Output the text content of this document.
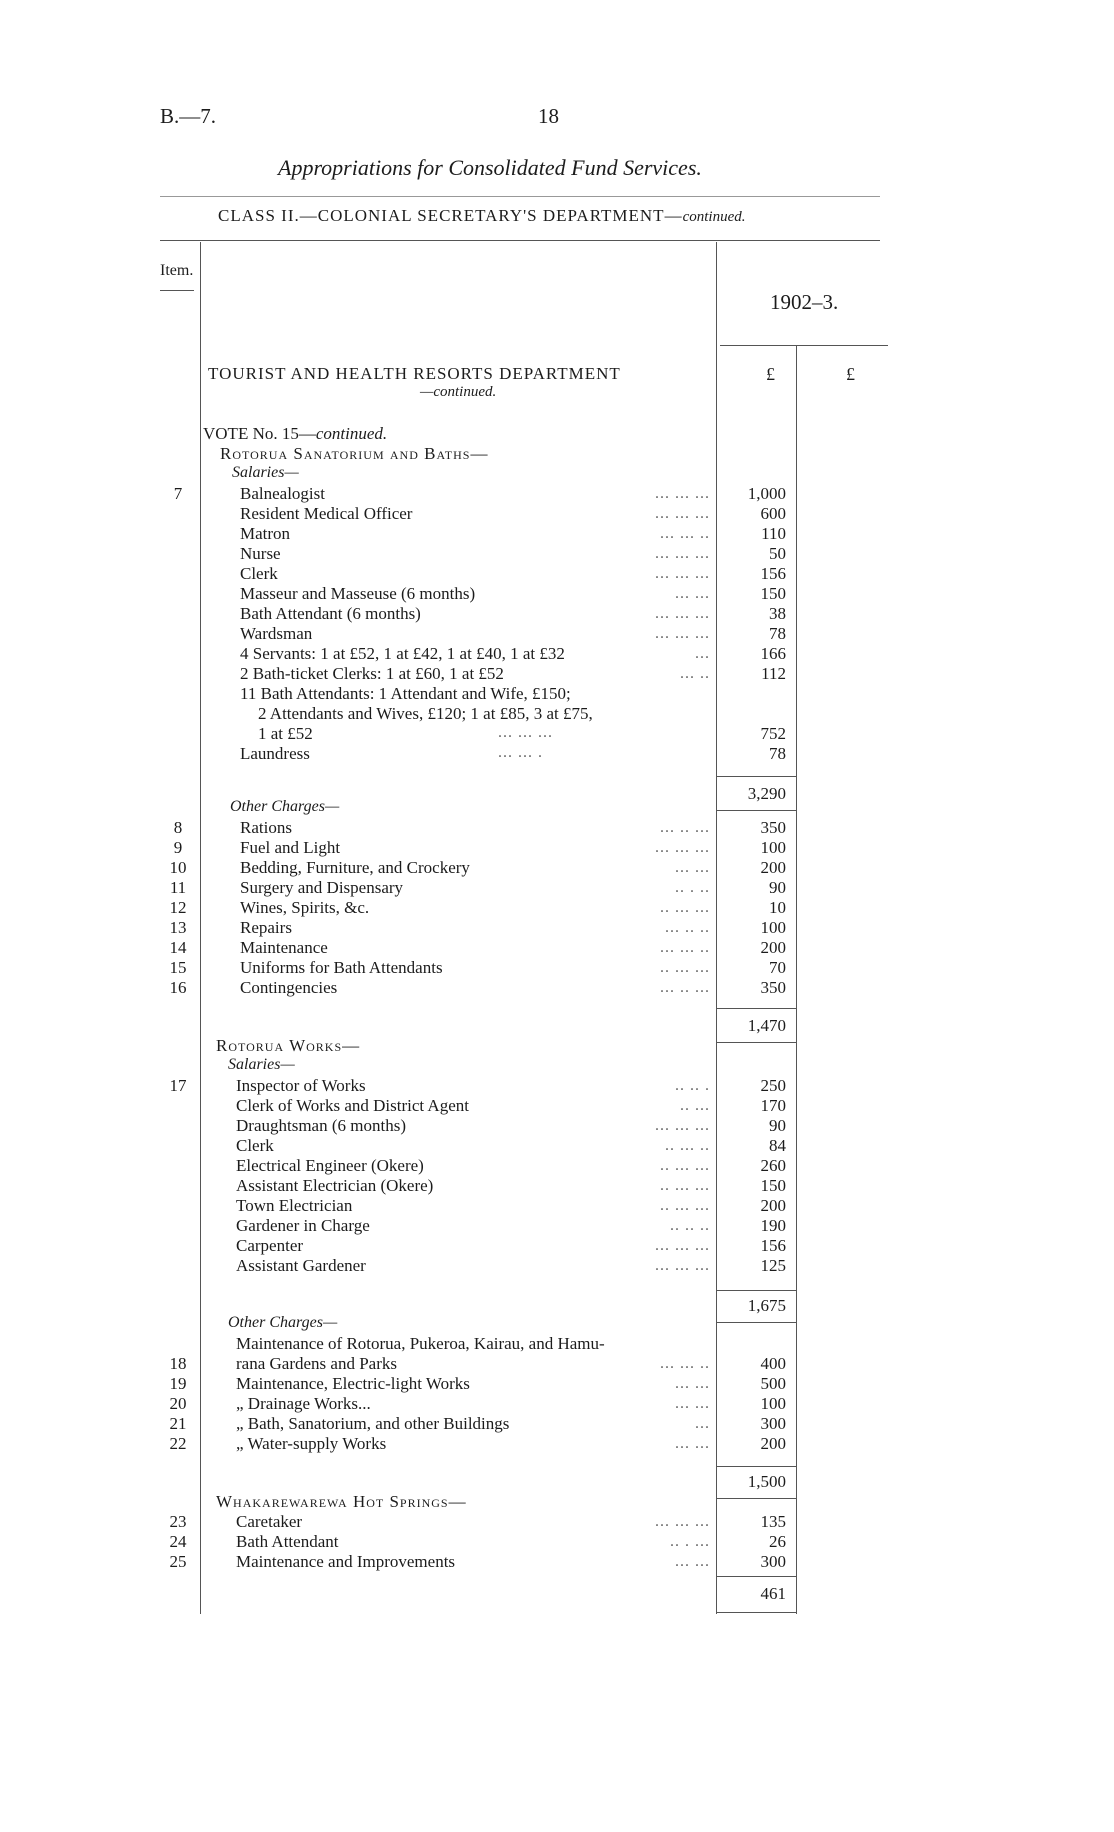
B.—7.	18
Appropriations for Consolidated Fund Services.
CLASS II.—COLONIAL SECRETARY'S DEPARTMENT—continued.
Item.
1902–3.
£	£
TOURIST AND HEALTH RESORTS DEPARTMENT
—continued.
VOTE No. 15—continued.
Rotorua Sanatorium and Baths—
Salaries—
7	Balnealogist	... ... ...	1,000
Resident Medical Officer	... ... ...	600
Matron	... ... ..	110
Nurse	... ... ...	50
Clerk	... ... ...	156
Masseur and Masseuse (6 months)	... ...	150
Bath Attendant (6 months)	... ... ...	38
Wardsman	... ... ...	78
4 Servants: 1 at £52, 1 at £42, 1 at £40, 1 at £32	...	166
2 Bath-ticket Clerks: 1 at £60, 1 at £52	... ..	112
11 Bath Attendants: 1 Attendant and Wife, £150;
2 Attendants and Wives, £120; 1 at £85, 3 at £75,
1 at £52	... ... ...	752
Laundress	... ... .	78
3,290
Other Charges—
8	Rations	... .. ...	350
9	Fuel and Light	... ... ...	100
10	Bedding, Furniture, and Crockery	... ...	200
11	Surgery and Dispensary	.. . ..	90
12	Wines, Spirits, &c.	.. ... ...	10
13	Repairs	... .. ..	100
14	Maintenance	... ... ..	200
15	Uniforms for Bath Attendants	.. ... ...	70
16	Contingencies	... .. ...	350
1,470
Rotorua Works—
Salaries—
17	Inspector of Works	.. .. .	250
Clerk of Works and District Agent	.. ...	170
Draughtsman (6 months)	... ... ...	90
Clerk	.. ... ..	84
Electrical Engineer (Okere)	.. ... ...	260
Assistant Electrician (Okere)	.. ... ...	150
Town Electrician	.. ... ...	200
Gardener in Charge	.. .. ..	190
Carpenter	... ... ...	156
Assistant Gardener	... ... ...	125
1,675
Other Charges—
Maintenance of Rotorua, Pukeroa, Kairau, and Hamu-
18	rana Gardens and Parks	... ... ..	400
19	Maintenance, Electric-light Works	... ...	500
20	„ Drainage Works...	... ...	100
21	„ Bath, Sanatorium, and other Buildings	...	300
22	„ Water-supply Works	... ...	200
1,500
Whakarewarewa Hot Springs—
23	Caretaker	... ... ...	135
24	Bath Attendant	.. . ...	26
25	Maintenance and Improvements	... ...	300
461
